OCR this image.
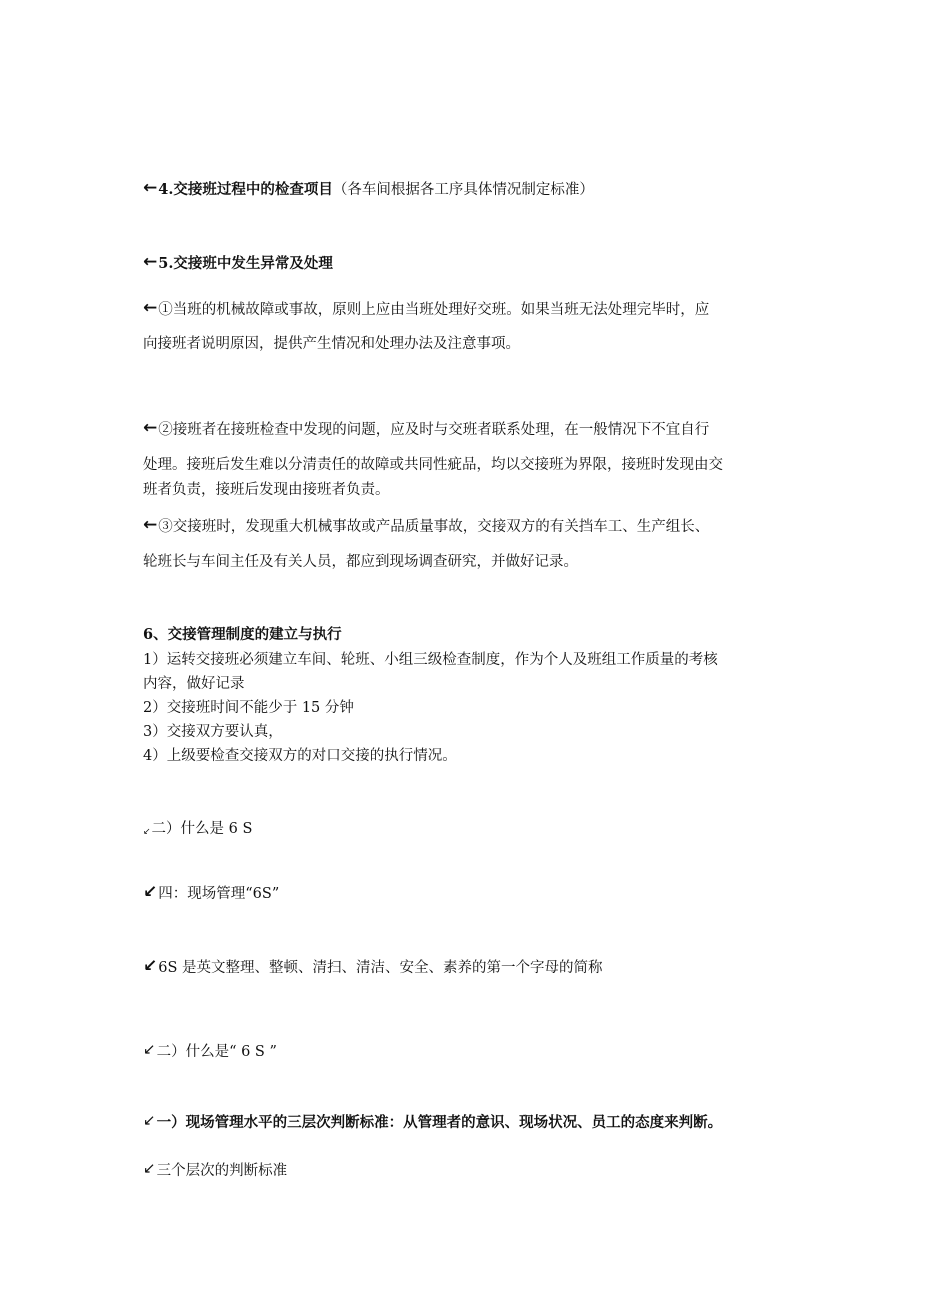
←4.交接班过程中的检查项目（各车间根据各工序具体情况制定标准）
←5.交接班中发生异常及处理
←①当班的机械故障或事故，原则上应由当班处理好交班。如果当班无法处理完毕时，应
向接班者说明原因，提供产生情况和处理办法及注意事项。
←②接班者在接班检查中发现的问题，应及时与交班者联系处理，在一般情况下不宜自行
处理。接班后发生难以分清责任的故障或共同性疵品，均以交接班为界限，接班时发现由交
班者负责，接班后发现由接班者负责。
←③交接班时，发现重大机械事故或产品质量事故，交接双方的有关挡车工、生产组长、
轮班长与车间主任及有关人员，都应到现场调查研究，并做好记录。
6、交接管理制度的建立与执行
1）运转交接班必须建立车间、轮班、小组三级检查制度，作为个人及班组工作质量的考核
内容，做好记录
2）交接班时间不能少于 15 分钟
3）交接双方要认真，
4）上级要检查交接双方的对口交接的执行情况。
↙二）什么是 6 S
↙四：现场管理“6S”
↙6S 是英文整理、整顿、清扫、清洁、安全、素养的第一个字母的简称
↙二）什么是“ 6 S ”
↙一）现场管理水平的三层次判断标准：从管理者的意识、现场状况、员工的态度来判断。
↙三个层次的判断标准
